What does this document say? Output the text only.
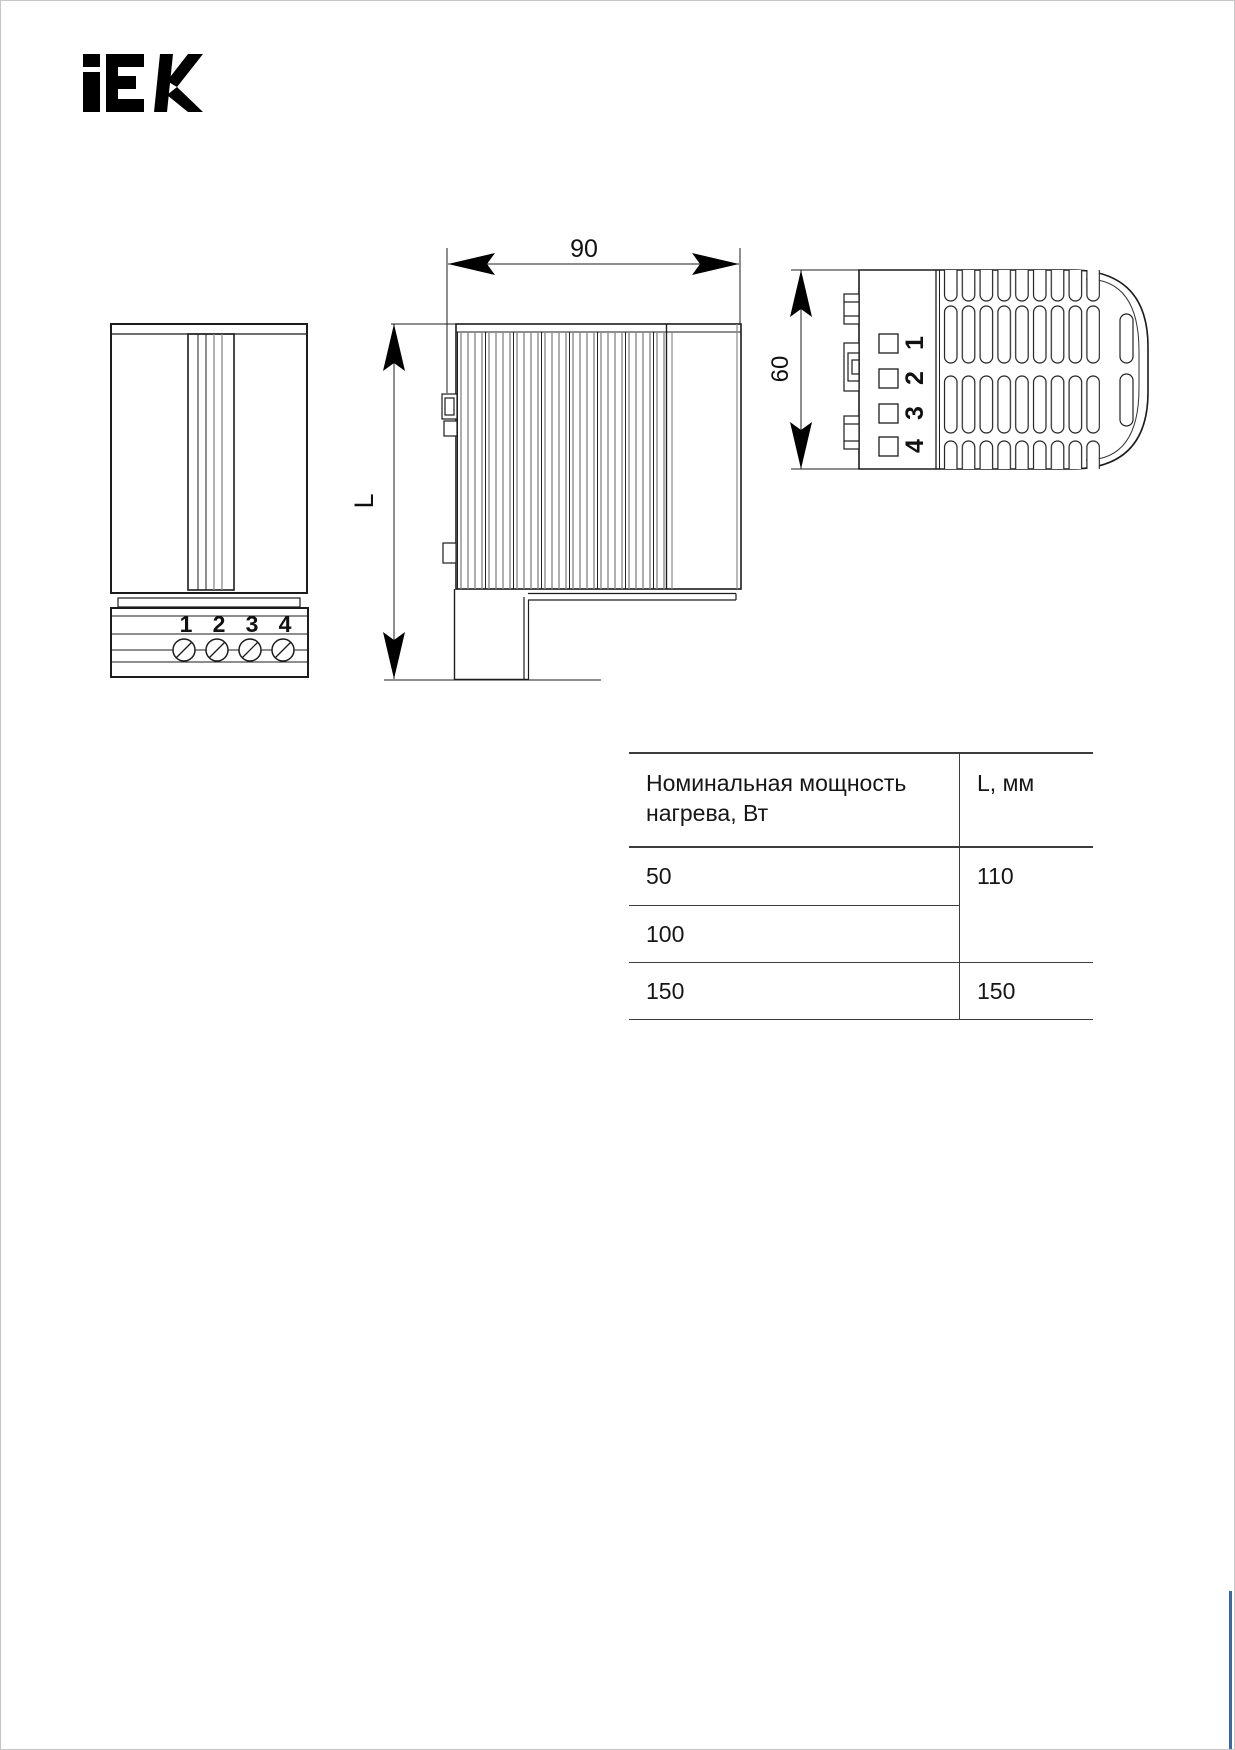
1 2 3 4
90
L
60
1
2
3
4
Номинальная мощность нагрева, Вт
L, мм
50	110
100
150	150
